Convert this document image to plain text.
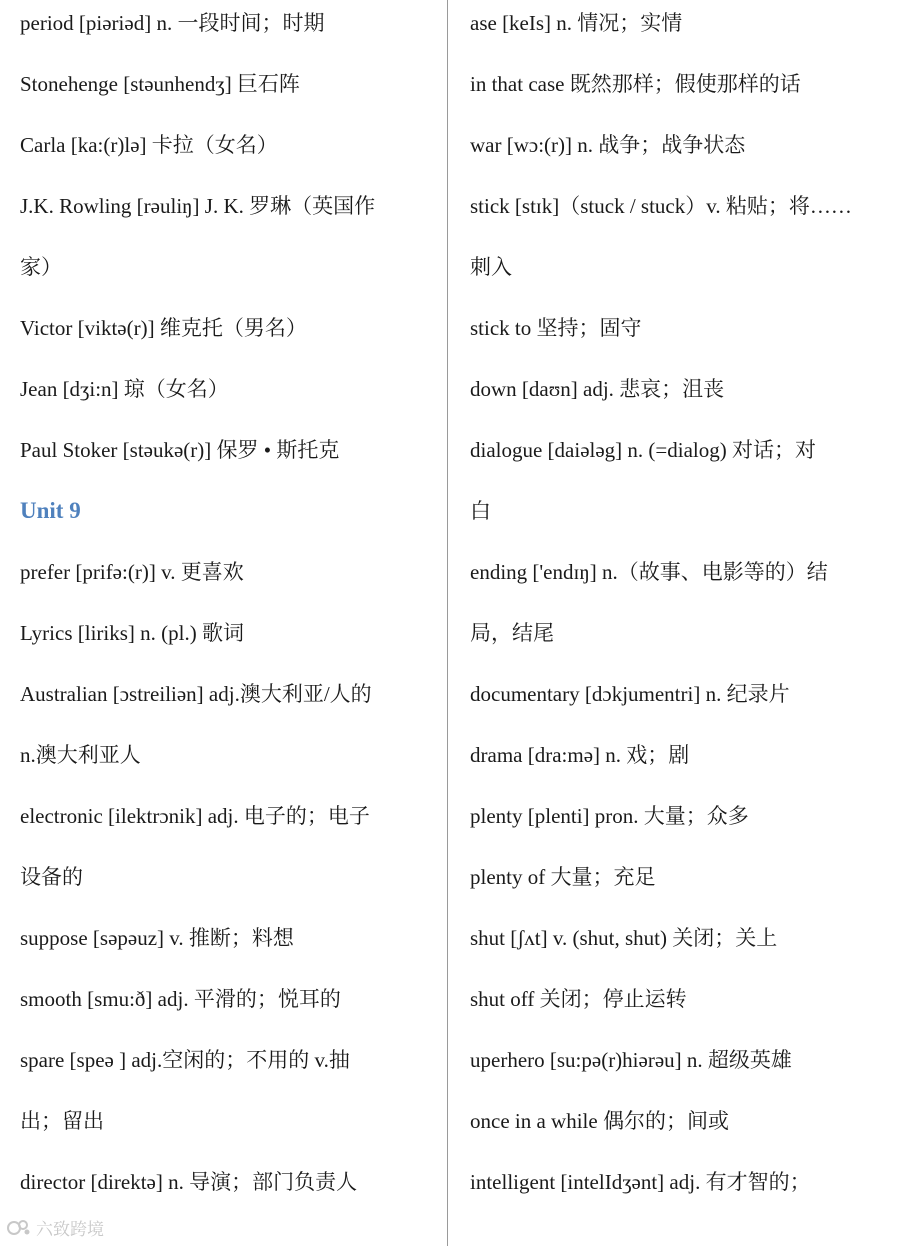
period [piəriəd] n. 一段时间；时期
Stonehenge [stəunhendʒ] 巨石阵
Carla [ka:(r)lə] 卡拉（女名）
J.K. Rowling [rəuliŋ] J. K. 罗琳（英国作
家）
Victor [viktə(r)] 维克托（男名）
Jean [dʒi:n] 琼（女名）
Paul Stoker [stəukə(r)] 保罗 • 斯托克
Unit 9
prefer [prifə:(r)] v. 更喜欢
Lyrics [liriks] n. (pl.) 歌词
Australian [ɔstreiliən] adj.澳大利亚/人的
n.澳大利亚人
electronic [ilektrɔnik] adj. 电子的；电子
设备的
suppose [səpəuz] v. 推断；料想
smooth [smu:ð] adj. 平滑的；悦耳的
spare [speə ] adj.空闲的；不用的 v.抽
出；留出
director [direktə] n. 导演；部门负责人
ase [keIs] n. 情况；实情
in that case 既然那样；假使那样的话
war [wɔ:(r)] n. 战争；战争状态
stick [stɪk]（stuck / stuck）v. 粘贴；将……
刺入
stick to 坚持；固守
down [daʊn] adj. 悲哀；沮丧
dialogue [daiələg] n. (=dialog) 对话；对
白
ending ['endɪŋ] n.（故事、电影等的）结
局，结尾
documentary [dɔkjumentri] n. 纪录片
drama [dra:mə] n. 戏；剧
plenty [plenti] pron. 大量；众多
plenty of 大量；充足
shut [ʃʌt] v. (shut, shut) 关闭；关上
shut off 关闭；停止运转
uperhero [su:pə(r)hiərəu] n. 超级英雄
once in a while 偶尔的；间或
intelligent [intelIdʒənt] adj. 有才智的；
六致跨境
